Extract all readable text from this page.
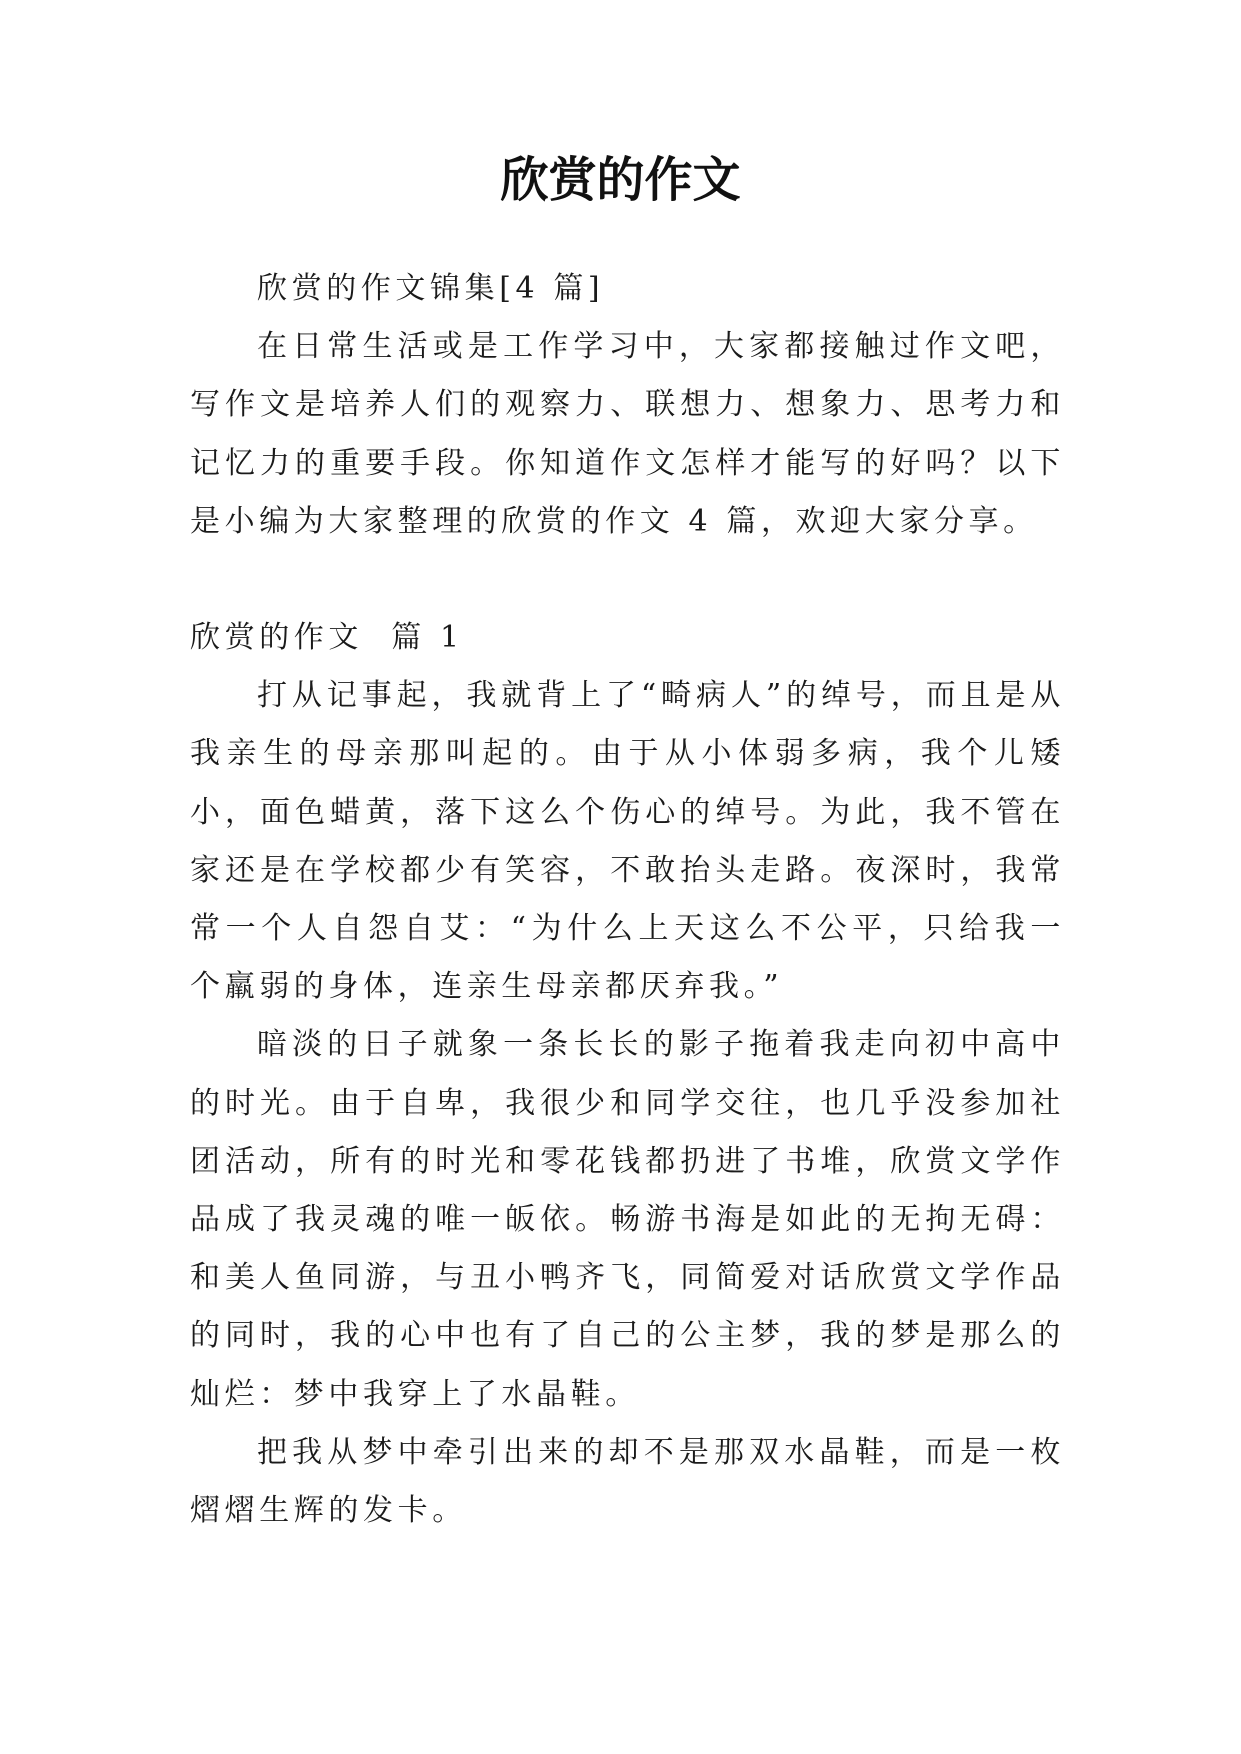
欣赏的作文

欣赏的作文锦集[4 篇]

在日常生活或是工作学习中，大家都接触过作文吧，写作文是培养人们的观察力、联想力、想象力、思考力和记忆力的重要手段。你知道作文怎样才能写的好吗？以下是小编为大家整理的欣赏的作文 4 篇，欢迎大家分享。

欣赏的作文  篇 1

打从记事起，我就背上了“畸病人”的绰号，而且是从我亲生的母亲那叫起的。由于从小体弱多病，我个儿矮小，面色蜡黄，落下这么个伤心的绰号。为此，我不管在家还是在学校都少有笑容，不敢抬头走路。夜深时，我常常一个人自怨自艾：“为什么上天这么不公平，只给我一个羸弱的身体，连亲生母亲都厌弃我。”

暗淡的日子就象一条长长的影子拖着我走向初中高中的时光。由于自卑，我很少和同学交往，也几乎没参加社团活动，所有的时光和零花钱都扔进了书堆，欣赏文学作品成了我灵魂的唯一皈依。畅游书海是如此的无拘无碍：和美人鱼同游，与丑小鸭齐飞，同简爱对话欣赏文学作品的同时，我的心中也有了自己的公主梦，我的梦是那么的灿烂：梦中我穿上了水晶鞋。

把我从梦中牵引出来的却不是那双水晶鞋，而是一枚熠熠生辉的发卡。
